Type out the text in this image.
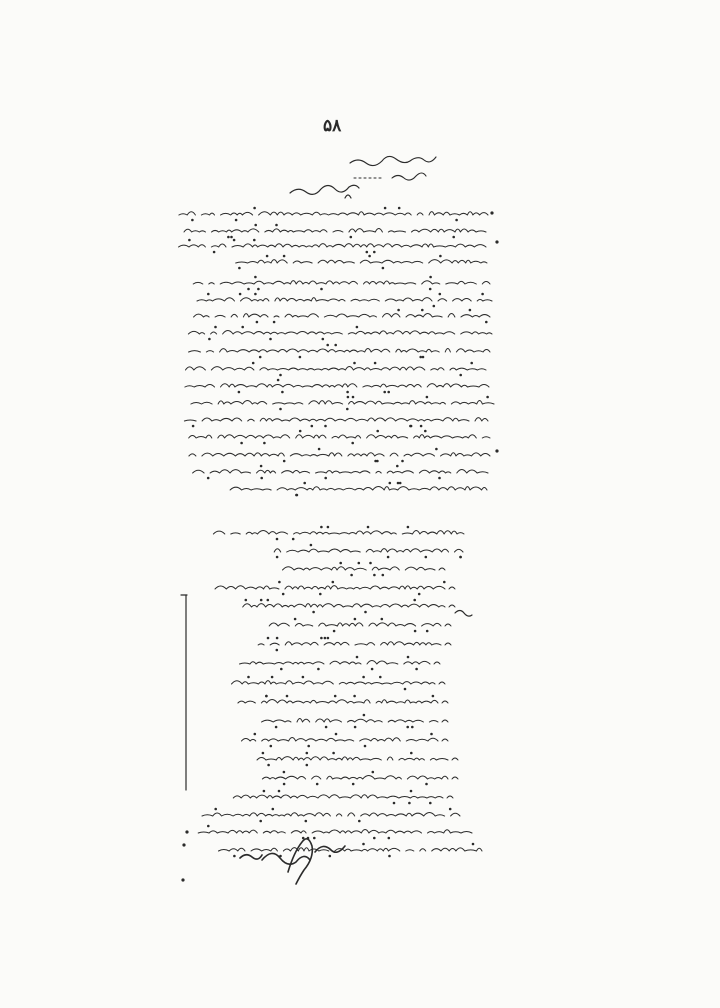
۵۸
